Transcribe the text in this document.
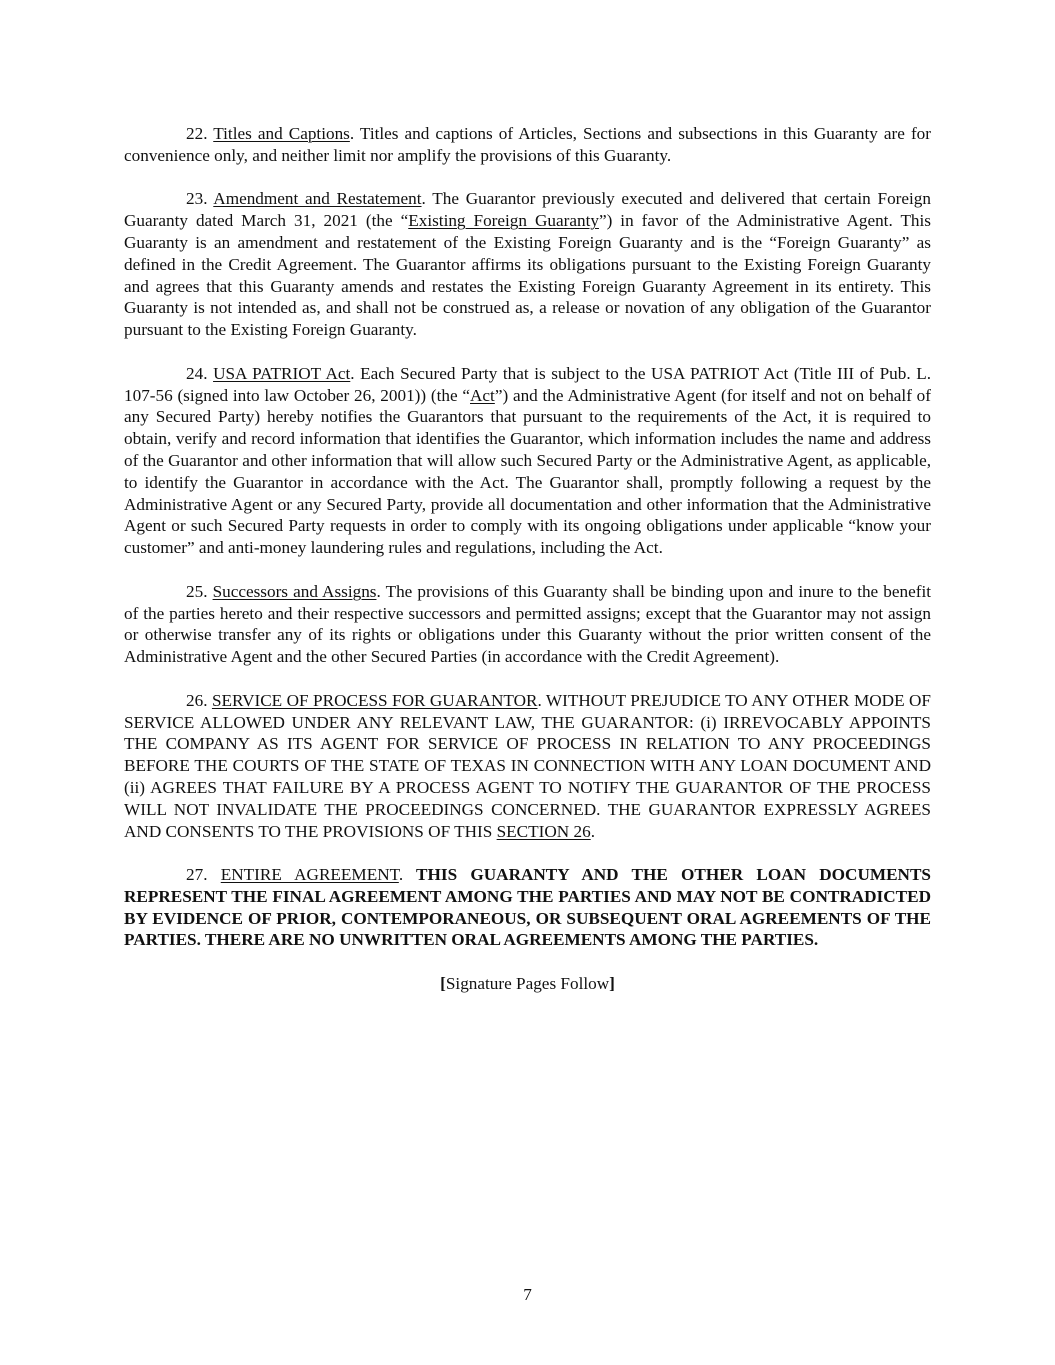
22. Titles and Captions. Titles and captions of Articles, Sections and subsections in this Guaranty are for convenience only, and neither limit nor amplify the provisions of this Guaranty.

23. Amendment and Restatement. The Guarantor previously executed and delivered that certain Foreign Guaranty dated March 31, 2021 (the “Existing Foreign Guaranty”) in favor of the Administrative Agent. This Guaranty is an amendment and restatement of the Existing Foreign Guaranty and is the “Foreign Guaranty” as defined in the Credit Agreement. The Guarantor affirms its obligations pursuant to the Existing Foreign Guaranty and agrees that this Guaranty amends and restates the Existing Foreign Guaranty Agreement in its entirety. This Guaranty is not intended as, and shall not be construed as, a release or novation of any obligation of the Guarantor pursuant to the Existing Foreign Guaranty.

24. USA PATRIOT Act. Each Secured Party that is subject to the USA PATRIOT Act (Title III of Pub. L. 107-56 (signed into law October 26, 2001)) (the “Act”) and the Administrative Agent (for itself and not on behalf of any Secured Party) hereby notifies the Guarantors that pursuant to the requirements of the Act, it is required to obtain, verify and record information that identifies the Guarantor, which information includes the name and address of the Guarantor and other information that will allow such Secured Party or the Administrative Agent, as applicable, to identify the Guarantor in accordance with the Act. The Guarantor shall, promptly following a request by the Administrative Agent or any Secured Party, provide all documentation and other information that the Administrative Agent or such Secured Party requests in order to comply with its ongoing obligations under applicable “know your customer” and anti-money laundering rules and regulations, including the Act.

25. Successors and Assigns. The provisions of this Guaranty shall be binding upon and inure to the benefit of the parties hereto and their respective successors and permitted assigns; except that the Guarantor may not assign or otherwise transfer any of its rights or obligations under this Guaranty without the prior written consent of the Administrative Agent and the other Secured Parties (in accordance with the Credit Agreement).

26. SERVICE OF PROCESS FOR GUARANTOR. WITHOUT PREJUDICE TO ANY OTHER MODE OF SERVICE ALLOWED UNDER ANY RELEVANT LAW, THE GUARANTOR: (i) IRREVOCABLY APPOINTS THE COMPANY AS ITS AGENT FOR SERVICE OF PROCESS IN RELATION TO ANY PROCEEDINGS BEFORE THE COURTS OF THE STATE OF TEXAS IN CONNECTION WITH ANY LOAN DOCUMENT AND (ii) AGREES THAT FAILURE BY A PROCESS AGENT TO NOTIFY THE GUARANTOR OF THE PROCESS WILL NOT INVALIDATE THE PROCEEDINGS CONCERNED. THE GUARANTOR EXPRESSLY AGREES AND CONSENTS TO THE PROVISIONS OF THIS SECTION 26.

27. ENTIRE AGREEMENT. THIS GUARANTY AND THE OTHER LOAN DOCUMENTS REPRESENT THE FINAL AGREEMENT AMONG THE PARTIES AND MAY NOT BE CONTRADICTED BY EVIDENCE OF PRIOR, CONTEMPORANEOUS, OR SUBSEQUENT ORAL AGREEMENTS OF THE PARTIES. THERE ARE NO UNWRITTEN ORAL AGREEMENTS AMONG THE PARTIES.

[Signature Pages Follow]

7
